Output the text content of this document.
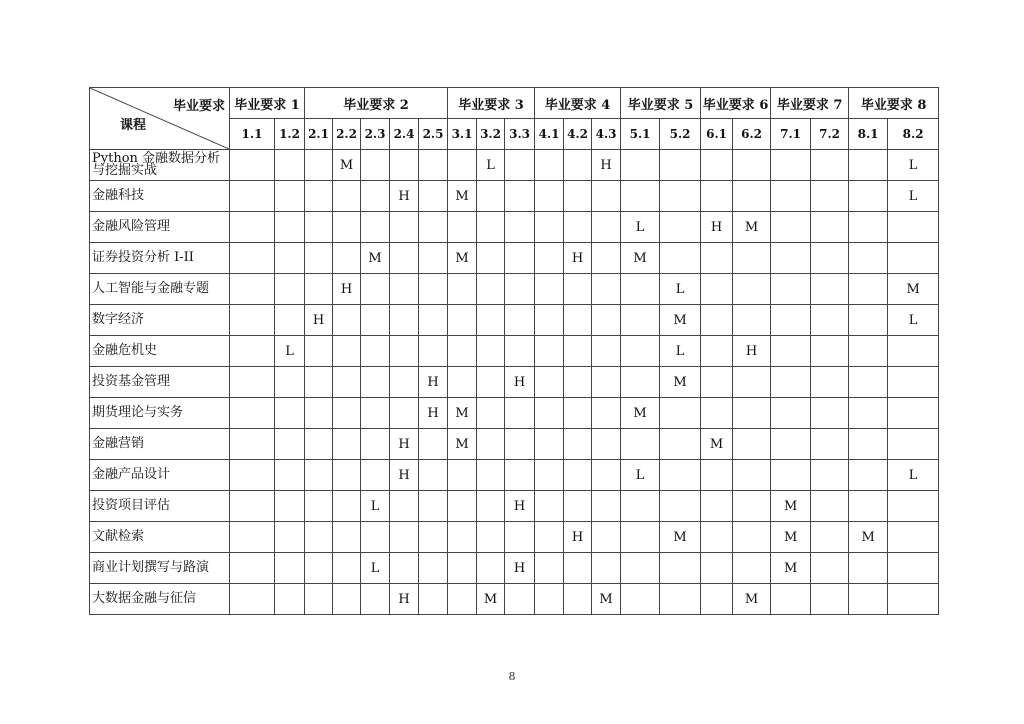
毕业要求
课程	毕业要求 1		毕业要求 2					毕业要求 3			毕业要求 4			毕业要求 5		毕业要求 6		毕业要求 7		毕业要求 8	
	1.1	1.2	2.1	2.2	2.3	2.4	2.5	3.1	3.2	3.3	4.1	4.2	4.3	5.1	5.2	6.1	6.2	7.1	7.2	8.1	8.2
Python 金融数据分析与挖掘实战				M					L				H								L
金融科技						H		M													L
金融风险管理														L		H	M				
证券投资分析 I-II					M			M				H		M							
人工智能与金融专题				H											L						M
数字经济			H												M						L
金融危机史		L													L		H				
投资基金管理							H			H					M						
期货理论与实务							H	M						M							
金融营销						H		M								M					
金融产品设计						H								L							L
投资项目评估					L					H								M			
文献检索												H			M			M		M	
商业计划撰写与路演					L					H								M			
大数据金融与征信						H			M				M				M				
8
